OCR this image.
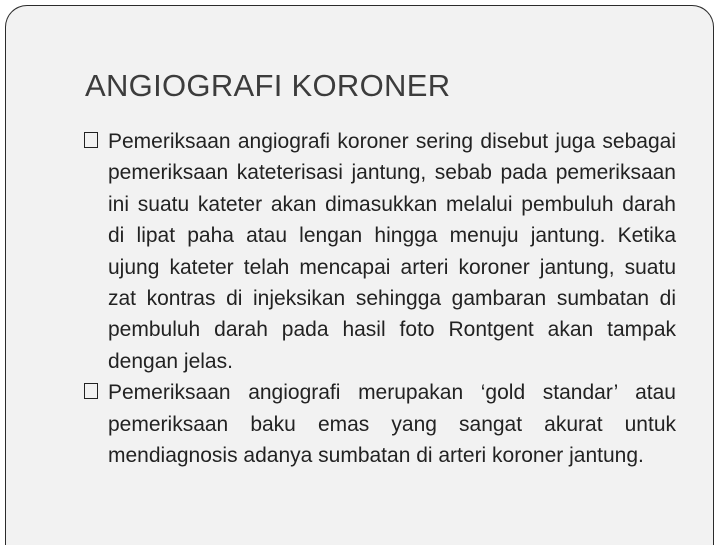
ANGIOGRAFI KORONER

Pemeriksaan angiografi koroner sering disebut juga sebagai pemeriksaan kateterisasi jantung, sebab pada pemeriksaan ini suatu kateter akan dimasukkan melalui pembuluh darah di lipat paha atau lengan hingga menuju jantung. Ketika ujung kateter telah mencapai arteri koroner jantung, suatu zat kontras di injeksikan sehingga gambaran sumbatan di pembuluh darah pada hasil foto Rontgent akan tampak dengan jelas.

Pemeriksaan angiografi merupakan ‘gold standar’ atau pemeriksaan baku emas yang sangat akurat untuk mendiagnosis adanya sumbatan di arteri koroner jantung.
